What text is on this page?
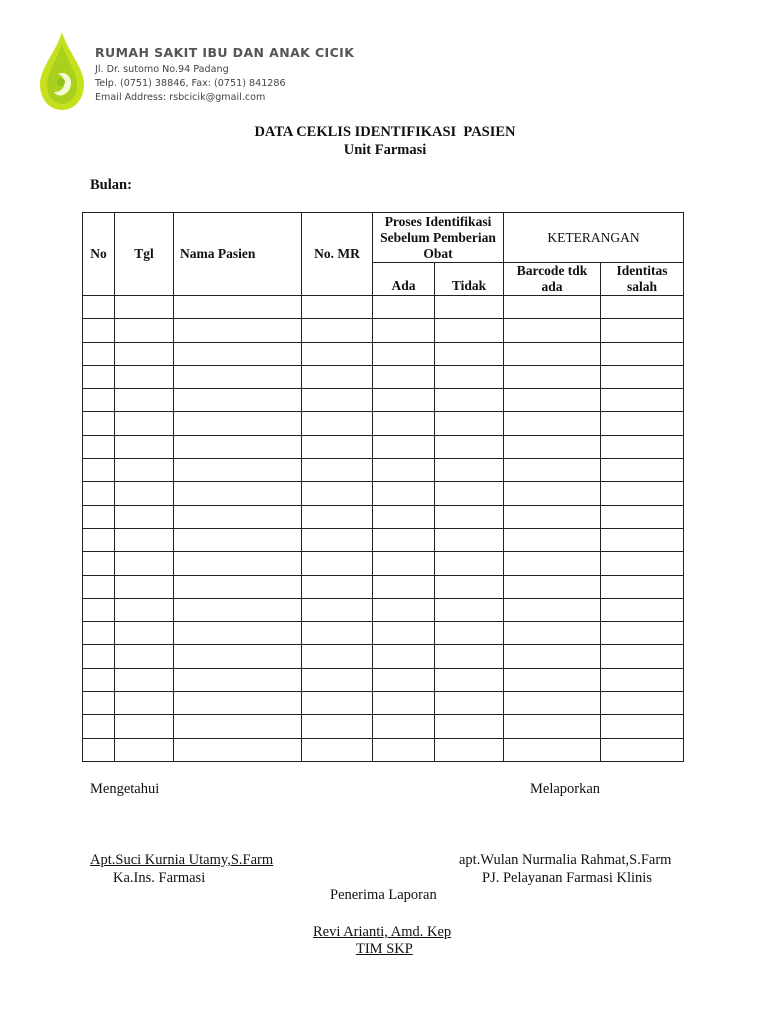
RUMAH SAKIT IBU DAN ANAK CICIK
Jl. Dr. sutomo No.94 Padang
Telp. (0751) 38846, Fax: (0751) 841286
Email Address: rsbcicik@gmail.com
DATA CEKLIS IDENTIFIKASI  PASIEN
Unit Farmasi
Bulan:
No	Tgl	Nama Pasien	No. MR	Proses Identifikasi Sebelum Pemberian Obat		KETERANGAN	
				Ada	Tidak	Barcode tdk ada	Identitas salah

Mengetahui	Melaporkan
Apt.Suci Kurnia Utamy,S.Farm
Ka.Ins. Farmasi
apt.Wulan Nurmalia Rahmat,S.Farm
PJ. Pelayanan Farmasi Klinis
Penerima Laporan
Revi Arianti, Amd. Kep
TIM SKP
